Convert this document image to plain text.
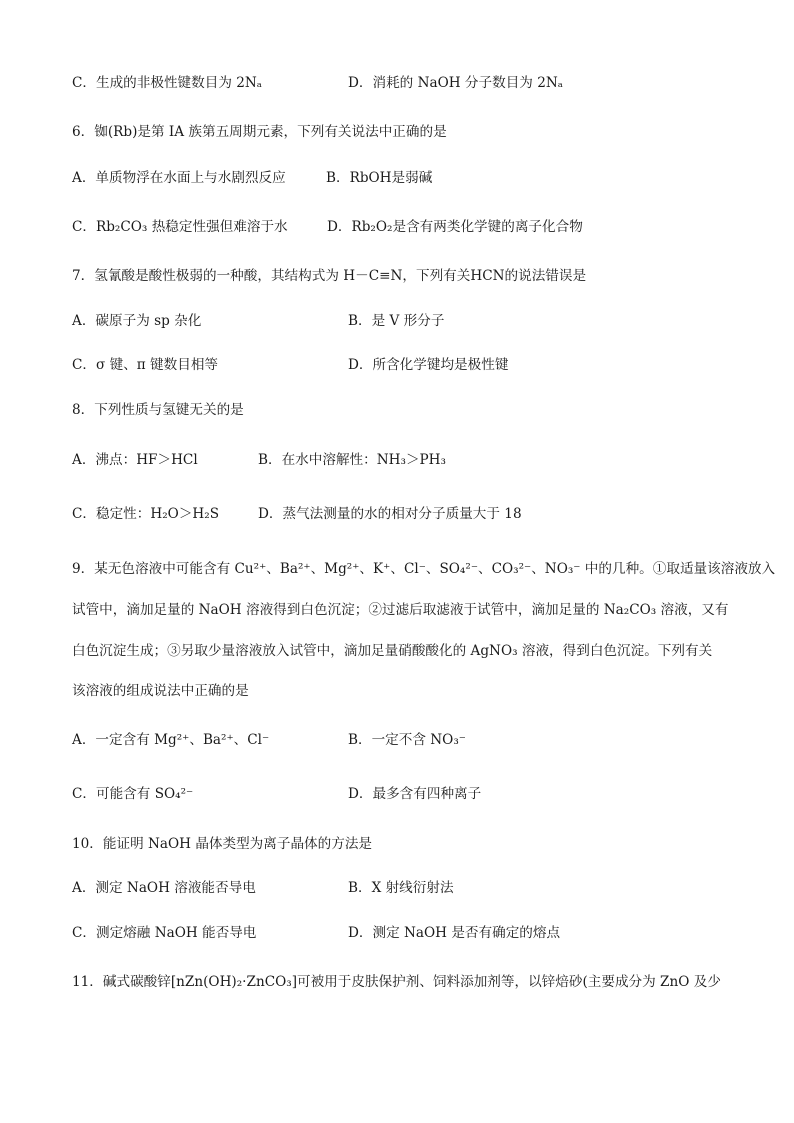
C．生成的非极性键数目为 2Nₐ	D．消耗的 NaOH 分子数目为 2Nₐ
6．铷(Rb)是第 IA 族第五周期元素，下列有关说法中正确的是
A．单质物浮在水面上与水剧烈反应	B．RbOH是弱碱
C．Rb₂CO₃ 热稳定性强但难溶于水	D．Rb₂O₂是含有两类化学键的离子化合物
7．氢氰酸是酸性极弱的一种酸，其结构式为 H－C≡N，下列有关HCN的说法错误是
A．碳原子为 sp 杂化	B．是 V 形分子
C．σ 键、π 键数目相等	D．所含化学键均是极性键
8．下列性质与氢键无关的是
A．沸点：HF＞HCl	B．在水中溶解性：NH₃＞PH₃
C．稳定性：H₂O＞H₂S	D．蒸气法测量的水的相对分子质量大于 18
9．某无色溶液中可能含有 Cu²⁺、Ba²⁺、Mg²⁺、K⁺、Cl⁻、SO₄²⁻、CO₃²⁻、NO₃⁻ 中的几种。①取适量该溶液放入
试管中，滴加足量的 NaOH 溶液得到白色沉淀；②过滤后取滤液于试管中，滴加足量的 Na₂CO₃ 溶液，又有
白色沉淀生成；③另取少量溶液放入试管中，滴加足量硝酸酸化的 AgNO₃ 溶液，得到白色沉淀。下列有关
该溶液的组成说法中正确的是
A．一定含有 Mg²⁺、Ba²⁺、Cl⁻	B．一定不含 NO₃⁻
C．可能含有 SO₄²⁻	D．最多含有四种离子
10．能证明 NaOH 晶体类型为离子晶体的方法是
A．测定 NaOH 溶液能否导电	B．X 射线衍射法
C．测定熔融 NaOH 能否导电	D．测定 NaOH 是否有确定的熔点
11．碱式碳酸锌[nZn(OH)₂·ZnCO₃]可被用于皮肤保护剂、饲料添加剂等，以锌焙砂(主要成分为 ZnO 及少
